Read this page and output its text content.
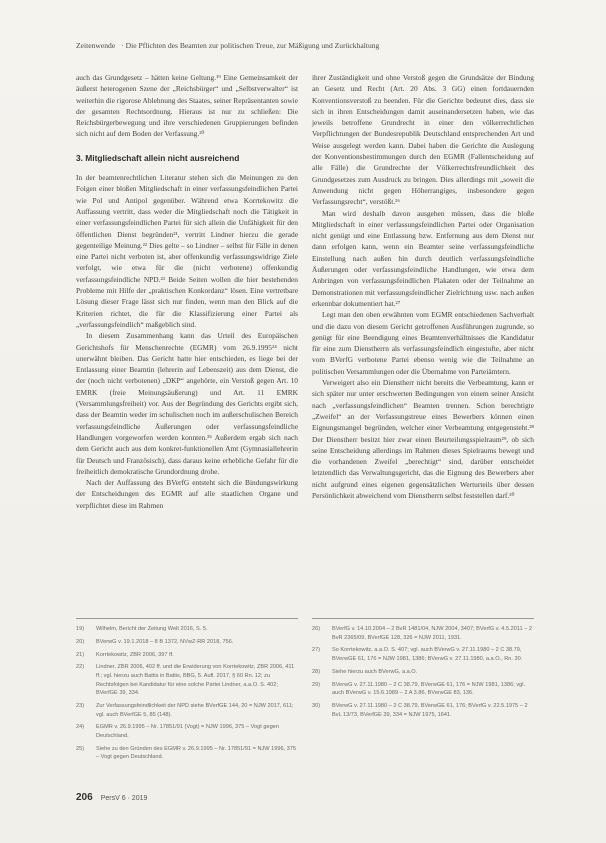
Zeitenwende · Die Pflichten des Beamten zur politischen Treue, zur Mäßigung und Zurückhaltung

auch das Grundgesetz – hätten keine Geltung.¹⁹ Eine Gemeinsamkeit der äußerst heterogenen Szene der „Reichsbürger“ und „Selbstverwalter“ ist weiterhin die rigorose Ablehnung des Staates, seiner Repräsentanten sowie der gesamten Rechtsordnung. Hieraus ist nur zu schließen: Die Reichsbürgerbewegung und ihre verschiedenen Gruppierungen befinden sich nicht auf dem Boden der Verfassung.²⁰

3. Mitgliedschaft allein nicht ausreichend

In der beamtenrechtlichen Literatur stehen sich die Meinungen zu den Folgen einer bloßen Mitgliedschaft in einer verfassungsfeindlichen Partei wie Pol und Antipol gegenüber. Während etwa Korrtekowitz die Auffassung vertritt, dass weder die Mitgliedschaft noch die Tätigkeit in einer verfassungsfeindlichen Partei für sich allein die Unfähigkeit für den öffentlichen Dienst begründen²¹, vertritt Lindner hierzu die gerade gegenteilige Meinung.²² Dies gelte – so Lindner – selbst für Fälle in denen eine Partei nicht verboten ist, aber offenkundig verfassungswidrige Ziele verfolgt, wie etwa für die (nicht verbotene) offenkundig verfassungsfeindliche NPD.²³ Beide Seiten wollen die hier bestehenden Probleme mit Hilfe der „praktischen Konkordanz“ lösen. Eine vertretbare Lösung dieser Frage lässt sich nur finden, wenn man den Blick auf die Kriterien richtet, die für die Klassifizierung einer Partei als „verfassungsfeindlich“ maßgeblich sind.

In diesem Zusammenhang kann das Urteil des Europäischen Gerichtshofs für Menschenrechte (EGMR) vom 26.9.1995²⁴ nicht unerwähnt bleiben. Das Gericht hatte hier entschieden, es liege bei der Entlassung einer Beamtin (lehrerin auf Lebenszeit) aus dem Dienst, die der (noch nicht verbotenen) „DKP“ angehörte, ein Verstoß gegen Art. 10 EMRK (freie Meinungsäußerung) und Art. 11 EMRK (Versammlungsfreiheit) vor. Aus der Begründung des Gerichts ergibt sich, dass der Beamtin weder im schulischen noch im außerschulischen Bereich verfassungsfeindliche Äußerungen oder verfassungsfeindliche Handlungen vorgeworfen werden konnten.²⁵ Außerdem ergab sich nach dem Gericht auch aus dem konkret-funktionellen Amt (Gymnasiallehrerin für Deutsch und Französisch), dass daraus keine erhebliche Gefahr für die freiheitlich demokratische Grundordnung drohe.

Nach der Auffassung des BVerfG entsteht sich die Bindungswirkung der Entscheidungen des EGMR auf alle staatlichen Organe und verpflichtet diese im Rahmen

ihrer Zuständigkeit und ohne Verstoß gegen die Grundsätze der Bindung an Gesetz und Recht (Art. 20 Abs. 3 GG) einen fortdauernden Konventionsverstoß zu beenden. Für die Gerichte bedeutet dies, dass sie sich in ihren Entscheidungen damit auseinandersetzen haben, wie das jeweils betroffene Grundrecht in einer den völkerrechtlichen Verpflichtungen der Bundesrepublik Deutschland entsprechenden Art und Weise ausgelegt werden kann. Dabei haben die Gerichte die Auslegung der Konventionsbestimmungen durch den EGMR (Fallentscheidung auf alle Fälle) die Grundrechte der Völkerrechtsfreundlichkeit des Grundgesetzes zum Ausdruck zu bringen. Dies allerdings mit „soweit die Anwendung nicht gegen Höherrangiges, insbesondere gegen Verfassungsrecht“, verstößt.²⁶

Man wird deshalb davon ausgehen müssen, dass die bloße Mitgliedschaft in einer verfassungsfeindlichen Partei oder Organisation nicht genügt und eine Entlassung bzw. Entfernung aus dem Dienst nur dann erfolgen kann, wenn ein Beamter seine verfassungsfeindliche Einstellung nach außen hin durch deutlich verfassungsfeindliche Äußerungen oder verfassungsfeindliche Handlungen, wie etwa dem Anbringen von verfassungsfeindlichen Plakaten oder der Teilnahme an Demonstrationen mit verfassungsfeindlicher Zielrichtung usw. nach außen erkennbar dokumentiert hat.²⁷

Legt man den oben erwähnten vom EGMR entschiedenen Sachverhalt und die dazu von diesem Gericht getroffenen Ausführungen zugrunde, so genügt für eine Beendigung eines Beamtenverhältnisses die Kandidatur für eine zum Dienstherrn als verfassungsfeindlich eingestufte, aber nicht vom BVerfG verbotene Partei ebenso wenig wie die Teilnahme an politischen Versammlungen oder die Übernahme von Parteiämtern.

Verweigert also ein Dienstherr nicht bereits die Verbeamtung, kann er sich später nur unter erschwerten Bedingungen von einem seiner Ansicht nach „verfassungsfeindlichen“ Beamten trennen. Schon berechtigte „Zweifel“ an der Verfassungstreue eines Bewerbers können einen Eignungsmangel begründen, welcher einer Verbeamtung entgegensteht.²⁸ Der Dienstherr besitzt hier zwar einen Beurteilungsspielraum²⁹, ob sich seine Entscheidung allerdings im Rahmen dieses Spielraums bewegt und die vorhandenen Zweifel „berechtigt“ sind, darüber entscheidet letztendlich das Verwaltungsgericht, das die Eignung des Bewerbers aber nicht aufgrund eines eigenen gegensätzlichen Werturteils über dessen Persönlichkeit abweichend vom Dienstherrn selbst feststellen darf.³⁰

19)	Wilhelm, Bericht der Zeitung Welt 2016, S. 5.
20)	BVerwG v. 19.1.2018 – 8 B 1372, NVwZ-RR 2018, 756.
21)	Korrtekowitz, ZBR 2006, 397 ff.
22)	Lindner, ZBR 2006, 402 ff. und die Erwiderung von Korrtekowitz, ZBR 2006, 411 ff.; vgl. hierzu auch Battis in Battis, BBG, 5. Aufl. 2017, § 60 Rn. 12; zu Rechtsfolgen bei Kandidatur für eine solche Partei Lindner, a.a.O. S. 402; BVerfGE 39, 334.
23)	Zur Verfassungsfeindlichkeit der NPD siehe BVerfGE 144, 20 = NJW 2017, 611; vgl. auch BVerfGE 5, 85 (148).
24)	EGMR v. 26.9.1995 – Nr. 17851/91 (Vogt) = NJW 1996, 375 – Vogt gegen Deutschland.
25)	Siehe zu den Gründen des EGMR v. 26.9.1995 – Nr. 17851/91 = NJW 1996, 375 – Vogt gegen Deutschland.
26)	BVerfG v. 14.10.2004 – 2 BvR 1481/04, NJW 2004, 3407; BVerfG v. 4.5.2011 – 2 BvR 2365/09, BVerfGE 128, 326 = NJW 2011, 1931.
27)	So Korrtekowitz, a.a.O. S. 407; vgl. auch BVerwG v. 27.11.1980 – 2 C 38.79, BVerwGE 61, 176 = NJW 1981, 1386; BVerwG v. 27.11.1980, a.a.O., Rn. 30.
28)	Siehe hierzu auch BVerwG, a.a.O.
29)	BVerwG v. 27.11.1980 – 2 C 38.79, BVerwGE 61, 176 = NJW 1981, 1386; vgl. auch BVerwG v. 15.6.1989 – 2 A 3.86, BVerwGE 83, 136.
30)	BVerwG v. 27.11.1980 – 2 C 38.79, BVerwGE 61, 176; BVerfG v. 22.5.1975 – 2 BvL 13/73, BVerfGE 39, 334 = NJW 1975, 1641.
206 PersV 6 · 2019
